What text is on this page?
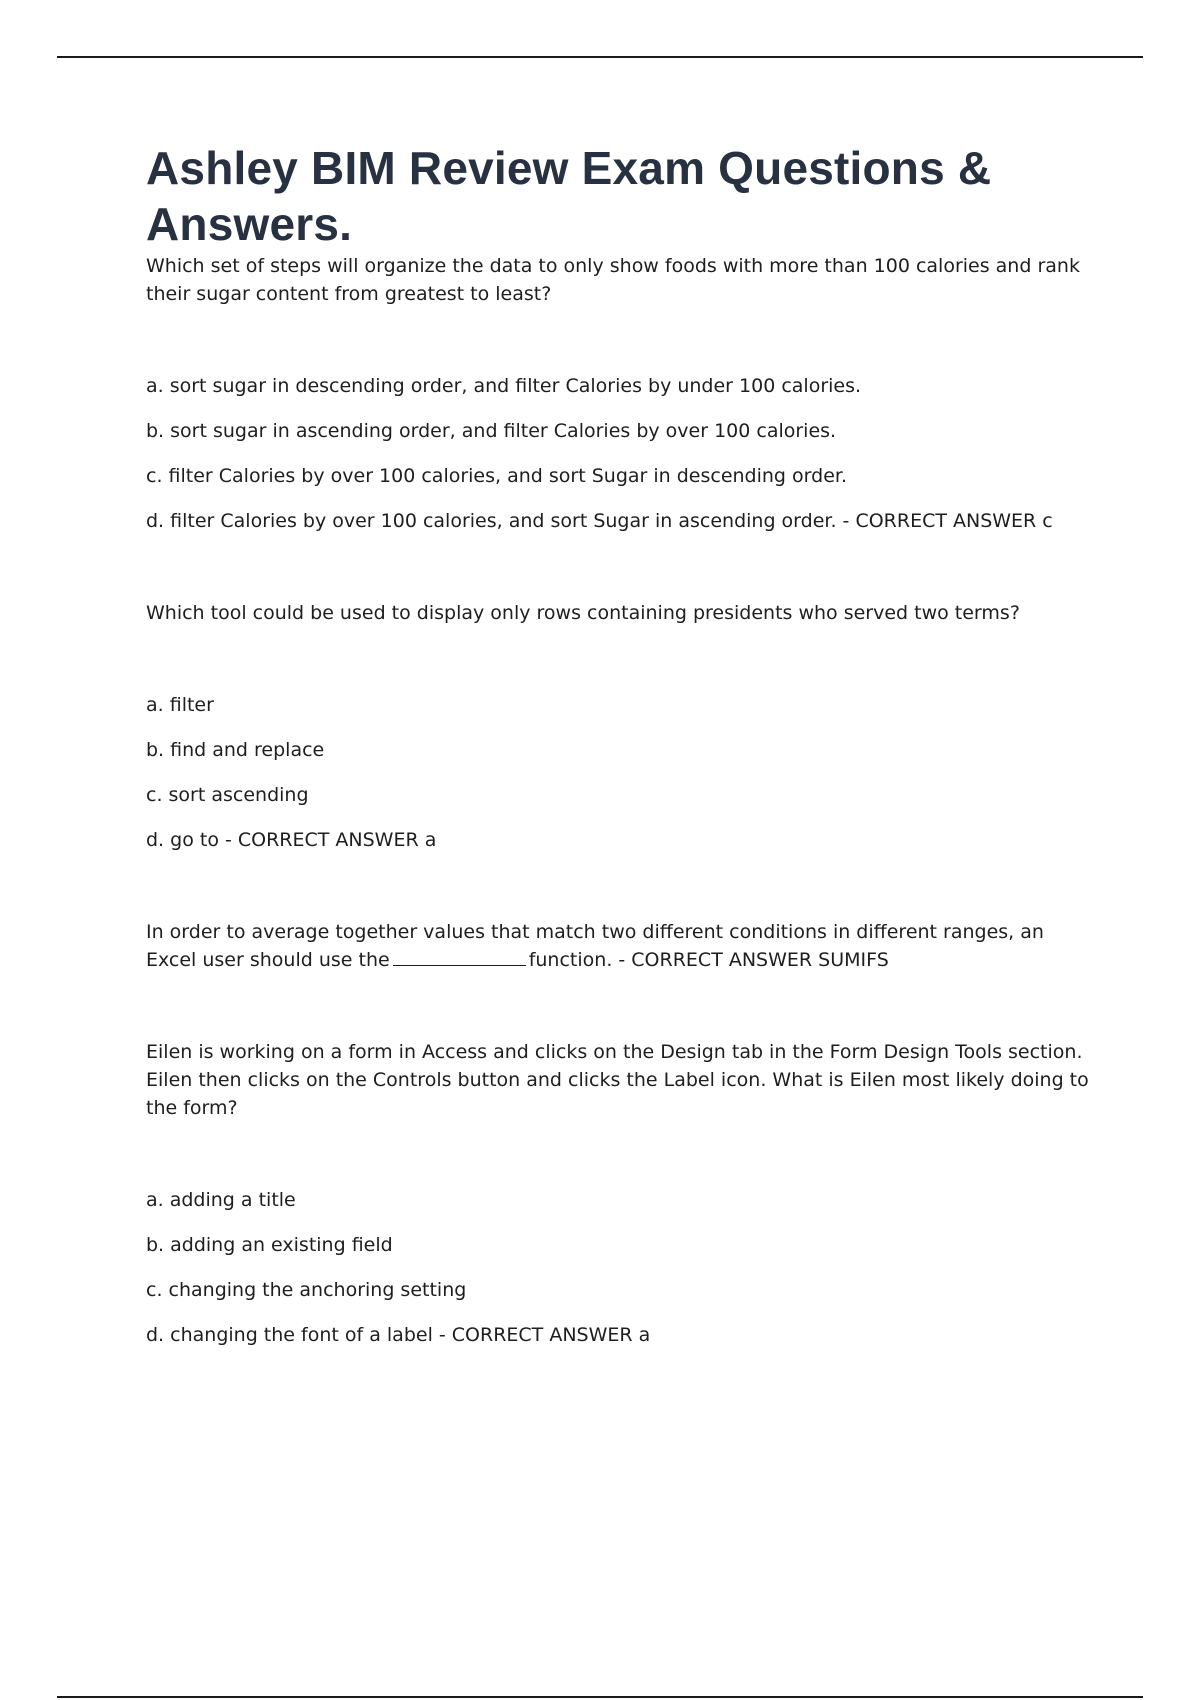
Ashley BIM Review Exam Questions & Answers.

Which set of steps will organize the data to only show foods with more than 100 calories and rank their sugar content from greatest to least?

a. sort sugar in descending order, and filter Calories by under 100 calories.

b. sort sugar in ascending order, and filter Calories by over 100 calories.

c. filter Calories by over 100 calories, and sort Sugar in descending order.

d. filter Calories by over 100 calories, and sort Sugar in ascending order. - CORRECT ANSWER c

Which tool could be used to display only rows containing presidents who served two terms?

a. filter

b. find and replace

c. sort ascending

d. go to - CORRECT ANSWER a

In order to average together values that match two different conditions in different ranges, an Excel user should use the	function. - CORRECT ANSWER SUMIFS

Eilen is working on a form in Access and clicks on the Design tab in the Form Design Tools section. Eilen then clicks on the Controls button and clicks the Label icon. What is Eilen most likely doing to the form?

a. adding a title

b. adding an existing field

c. changing the anchoring setting

d. changing the font of a label - CORRECT ANSWER a
